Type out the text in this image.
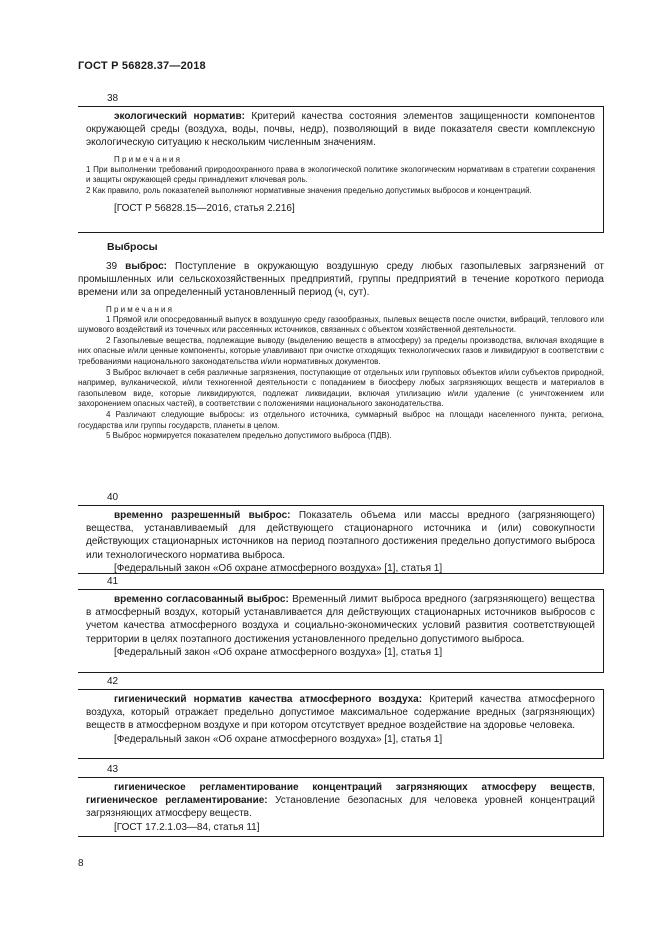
ГОСТ Р 56828.37—2018
38

экологический норматив: Критерий качества состояния элементов защищенности компонентов окружающей среды (воздуха, воды, почвы, недр), позволяющий в виде показателя свести комплексную экологическую ситуацию к нескольким численным значениям.

Примечания

1 При выполнении требований природоохранного права в экологической политике экологическим нормативам в стратегии сохранения и защиты окружающей среды принадлежит ключевая роль.

2 Как правило, роль показателей выполняют нормативные значения предельно допустимых выбросов и концентраций.

[ГОСТ Р 56828.15—2016, статья 2.216]

Выбросы

39 выброс: Поступление в окружающую воздушную среду любых газопылевых загрязнений от промышленных или сельскохозяйственных предприятий, группы предприятий в течение короткого периода времени или за определенный установленный период (ч, сут).

Примечания

1 Прямой или опосредованный выпуск в воздушную среду газообразных, пылевых веществ после очистки, вибраций, теплового или шумового воздействий из точечных или рассеянных источников, связанных с объектом хозяйственной деятельности.

2 Газопылевые вещества, подлежащие выводу (выделению веществ в атмосферу) за пределы производства, включая входящие в них опасные и/или ценные компоненты, которые улавливают при очистке отходящих технологических газов и ликвидируют в соответствии с требованиями национального законодательства и/или нормативных документов.

3 Выброс включает в себя различные загрязнения, поступающие от отдельных или групповых объектов и/или субъектов природной, например, вулканической, и/или техногенной деятельности с попаданием в биосферу любых загрязняющих веществ и материалов в газопылевом виде, которые ликвидируются, подлежат ликвидации, включая утилизацию и/или удаление (с уничтожением или захоронением опасных частей), в соответствии с положениями национального законодательства.

4 Различают следующие выбросы: из отдельного источника, суммарный выброс на площади населенного пункта, региона, государства или группы государств, планеты в целом.

5 Выброс нормируется показателем предельно допустимого выброса (ПДВ).

40

временно разрешенный выброс: Показатель объема или массы вредного (загрязняющего) вещества, устанавливаемый для действующего стационарного источника и (или) совокупности действующих стационарных источников на период поэтапного достижения предельно допустимого выброса или технологического норматива выброса.

[Федеральный закон «Об охране атмосферного воздуха» [1], статья 1]

41

временно согласованный выброс: Временный лимит выброса вредного (загрязняющего) вещества в атмосферный воздух, который устанавливается для действующих стационарных источников выбросов с учетом качества атмосферного воздуха и социально-экономических условий развития соответствующей территории в целях поэтапного достижения установленного предельно допустимого выброса.

[Федеральный закон «Об охране атмосферного воздуха» [1], статья 1]

42

гигиенический норматив качества атмосферного воздуха: Критерий качества атмосферного воздуха, который отражает предельно допустимое максимальное содержание вредных (загрязняющих) веществ в атмосферном воздухе и при котором отсутствует вредное воздействие на здоровье человека.

[Федеральный закон «Об охране атмосферного воздуха» [1], статья 1]

43

гигиеническое регламентирование концентраций загрязняющих атмосферу веществ, гигиеническое регламентирование: Установление безопасных для человека уровней концентраций загрязняющих атмосферу веществ.

[ГОСТ 17.2.1.03—84, статья 11]

8
